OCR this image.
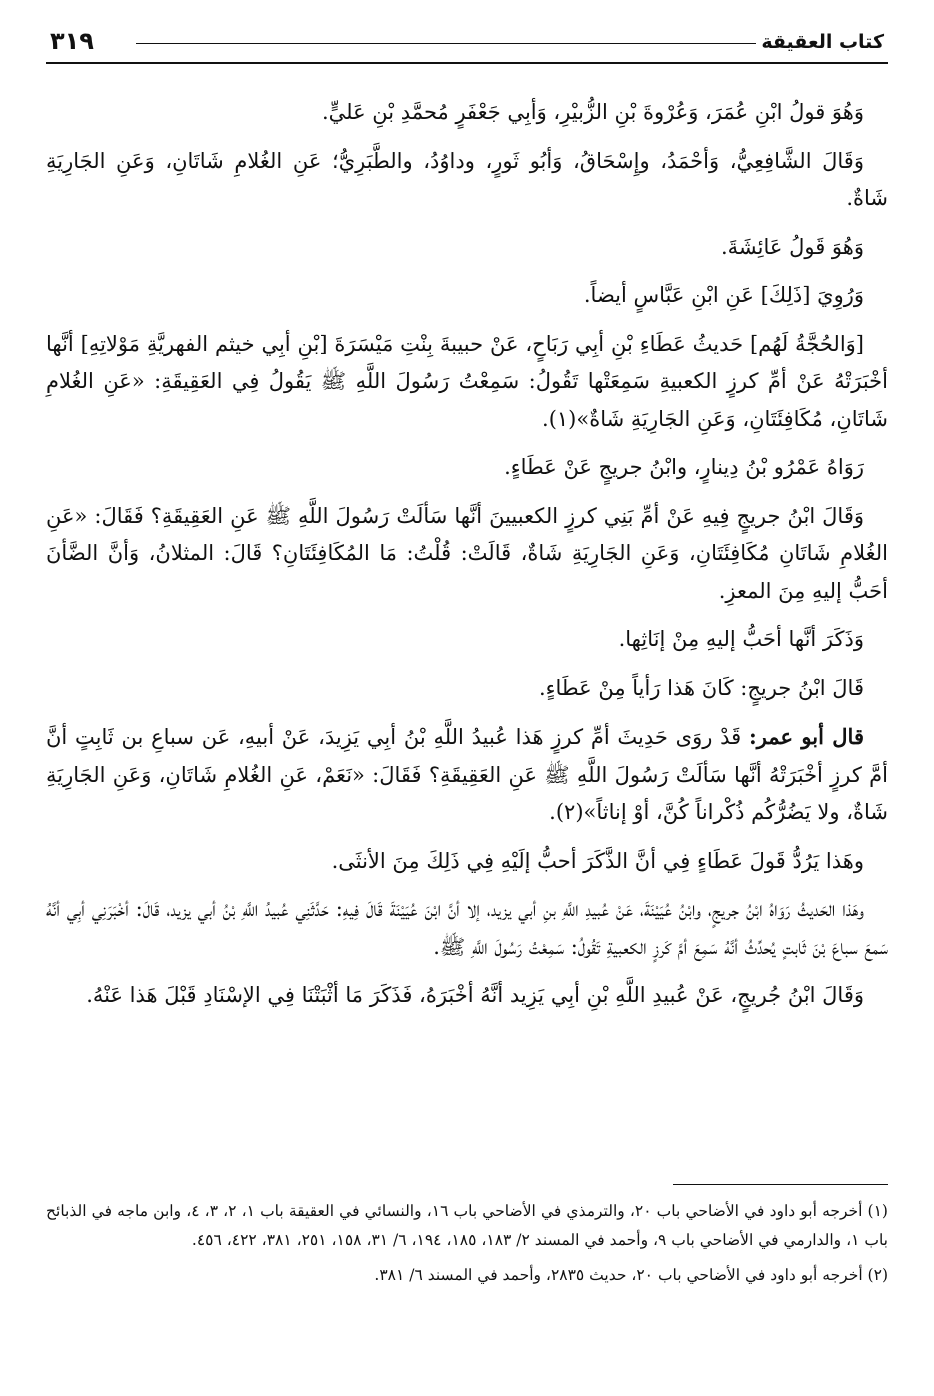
كتاب العقيقة
٣١٩

وَهُوَ قولُ ابْنِ عُمَرَ، وَعُرْوةَ بْنِ الزُّبيْرِ، وَأبِي جَعْفَرٍ مُحمَّدِ بْنِ عَليٍّ.

وَقَالَ الشَّافِعِيُّ، وَأحْمَدُ، وإِسْحَاقُ، وَأبُو ثَورٍ، وداوُدُ، والطَّبَرِيُّ؛ عَنِ الغُلامِ شَاتَانِ، وَعَنِ الجَارِيَةِ شَاةٌ.

وَهُوَ قَولُ عَائِشَةَ.

وَرُوِيَ [ذَلِكَ] عَنِ ابْنِ عَبَّاسٍ أيضاً.

[وَالحُجَّةُ لَهُم] حَديثُ عَطَاءِ بْنِ أبِي رَبَاحٍ، عَنْ حبيبةَ بِنْتِ مَيْسَرَةَ [بْنِ أبِي خيثم الفهريَّةِ مَوْلاتِهِ] أنَّها أخْبَرَتْهُ عَنْ أمِّ كرزٍ الكعبيةِ سَمِعَتْها تَقُولُ: سَمِعْتُ رَسُولَ اللَّهِ ﷺ يَقُولُ فِي العَقِيقَةِ: «عَنِ الغُلامِ شَاتَانِ، مُكَافِئَتَانِ، وَعَنِ الجَارِيَةِ شَاةٌ»(١).

رَوَاهُ عَمْرُو بْنُ دِينارٍ، وابْنُ جريجٍ عَنْ عَطَاءٍ.

وَقَالَ ابْنُ جريجٍ فِيهِ عَنْ أمِّ بَنِي كرزٍ الكعبيينَ أنَّها سَألَتْ رَسُولَ اللَّهِ ﷺ عَنِ العَقِيقَةِ؟ فَقَالَ: «عَنِ الغُلامِ شَاتَانِ مُكَافِئَتَانِ، وَعَنِ الجَارِيَةِ شَاةٌ، قَالَتْ: قُلْتُ: مَا المُكَافِئَتَانِ؟ قَالَ: المثلانُ، وَأنَّ الضَّأنَ أحَبُّ إليهِ مِنَ المعزِ.

وَذَكَرَ أنَّها أحَبُّ إليهِ مِنْ إنَاثِها.

قَالَ ابْنُ جريجٍ: كَانَ هَذا رَأياً مِنْ عَطَاءٍ.

قال أبو عمر: قَدْ روَى حَدِيثَ أمِّ كرزٍ هَذا عُبيدُ اللَّهِ بْنُ أبِي يَزِيدَ، عَنْ أبيهِ، عَن سباعِ بن ثَابِتٍ أنَّ أمَّ كرزٍ أخْبَرَتْهُ أنَّها سَألَتْ رَسُولَ اللَّهِ ﷺ عَنِ العَقِيقَةِ؟ فَقَالَ: «نَعَمْ، عَنِ الغُلامِ شَاتَانِ، وَعَنِ الجَارِيَةِ شَاةٌ، ولا يَضُرُّكُم ذُكْراناً كُنَّ، أوْ إناثاً»(٢).

وهَذا يَرُدُّ قَولَ عَطَاءٍ فِي أنَّ الذَّكَرَ أحبُّ إلَيْهِ فِي ذَلِكَ مِنَ الأنثَى.

وهَذا الحَديثُ رَوَاهُ ابْنُ جريجٍ، وابْنُ عُيَيْنَةَ، عَنْ عُبيدِ اللَّهِ بنِ أبي يزيد، إلا أنَّ ابْنَ عُيَيْنَةَ قَالَ فِيهِ: حَدَّثَنِي عُبيدُ اللَّهِ بْنُ أبي يزيد، قَالَ: أخْبَرَنِي أبِي أنَّهُ سَمعَ سباعَ بْنَ ثَابتٍ يُحدِّثُ أنَّهُ سَمِعَ أمَّ كَرزٍ الكعبيةِ تَقُولُ: سَمِعْتُ رَسُولَ اللَّهِ ﷺ.

وَقَالَ ابْنُ جُريجٍ، عَنْ عُبيدِ اللَّهِ بْنِ أبِي يَزِيد أنَّهُ أخْبَرَهُ، فَذَكَرَ مَا أثْبَتْنَا فِي الإسْنَادِ قَبْلَ هَذا عَنْهُ.

(١) أخرجه أبو داود في الأضاحي باب ٢٠، والترمذي في الأضاحي باب ١٦، والنسائي في العقيقة باب ١، ٢، ٣، ٤، وابن ماجه في الذبائح باب ١، والدارمي في الأضاحي باب ٩، وأحمد في المسند ٢/ ١٨٣، ١٨٥، ١٩٤، ٦/ ٣١، ١٥٨، ٢٥١، ٣٨١، ٤٢٢، ٤٥٦.

(٢) أخرجه أبو داود في الأضاحي باب ٢٠، حديث ٢٨٣٥، وأحمد في المسند ٦/ ٣٨١.
